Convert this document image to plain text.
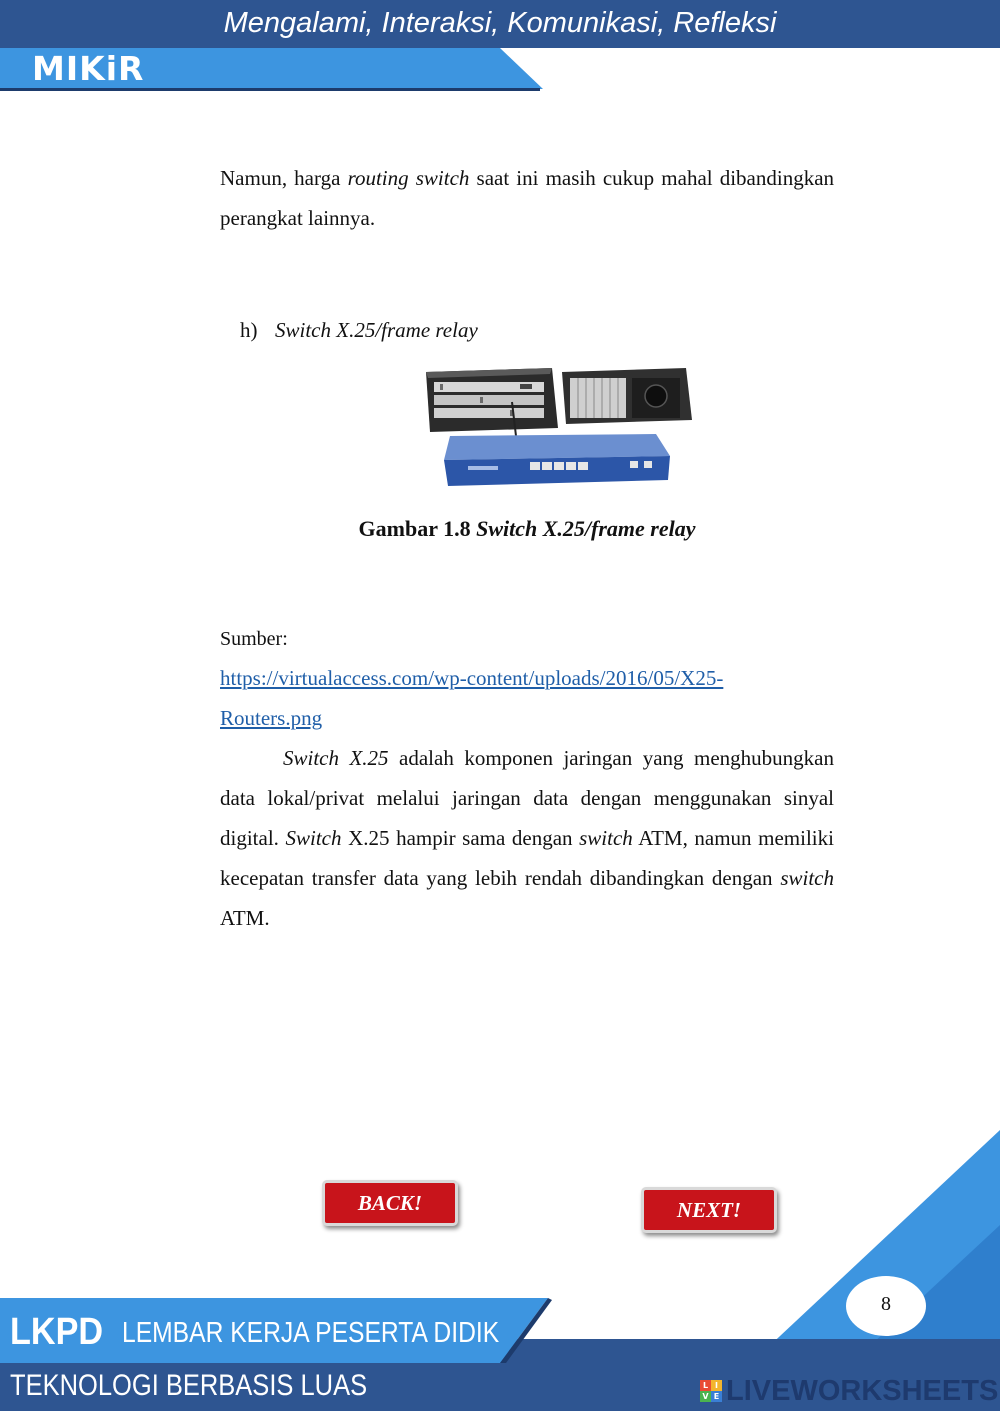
Mengalami, Interaksi, Komunikasi, Refleksi
MIKiR
Namun, harga routing switch saat ini masih cukup mahal dibandingkan perangkat lainnya.
h) Switch X.25/frame relay
Gambar 1.8 Switch X.25/frame relay
Sumber:
https://virtualaccess.com/wp-content/uploads/2016/05/X25-
Routers.png
Switch X.25 adalah komponen jaringan yang menghubungkan data lokal/privat melalui jaringan data dengan menggunakan sinyal digital. Switch X.25 hampir sama dengan switch ATM, namun memiliki kecepatan transfer data yang lebih rendah dibandingkan dengan switch ATM.
BACK!	NEXT!
8
LKPD LEMBAR KERJA PESERTA DIDIK
TEKNOLOGI BERBASIS LUAS	L I
V E LIVEWORKSHEETS
